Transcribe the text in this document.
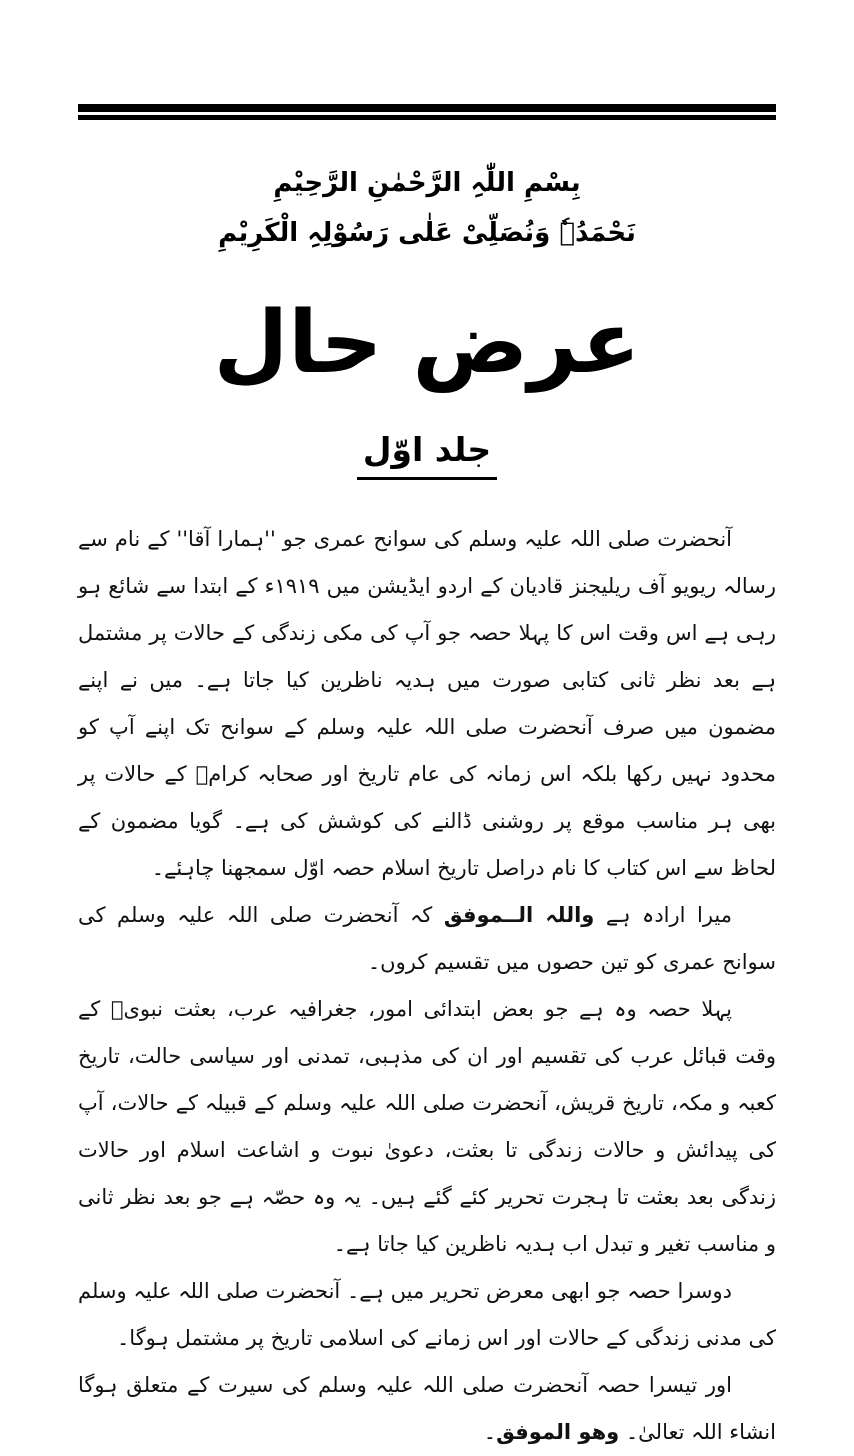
بِسْمِ اللّٰہِ الرَّحْمٰنِ الرَّحِیْمِ
نَحْمَدُہٗ وَنُصَلِّیْ عَلٰی رَسُوْلِہِ الْکَرِیْمِ
عرض حال
جلد اوّل

آنحضرت صلی اللہ علیہ وسلم کی سوانح عمری جو ''ہمارا آقا'' کے نام سے رسالہ ریویو آف ریلیجنز قادیان کے اردو ایڈیشن میں ۱۹۱۹ء کے ابتدا سے شائع ہو رہی ہے اس وقت اس کا پہلا حصہ جو آپ کی مکی زندگی کے حالات پر مشتمل ہے بعد نظر ثانی کتابی صورت میں ہدیہ ناظرین کیا جاتا ہے۔ میں نے اپنے مضمون میں صرف آنحضرت صلی اللہ علیہ وسلم کے سوانح تک اپنے آپ کو محدود نہیں رکھا بلکہ اس زمانہ کی عام تاریخ اور صحابہ کرامؓ کے حالات پر بھی ہر مناسب موقع پر روشنی ڈالنے کی کوشش کی ہے۔ گویا مضمون کے لحاظ سے اس کتاب کا نام دراصل تاریخ اسلام حصہ اوّل سمجھنا چاہئے۔

میرا ارادہ ہے واللہ الــموفق کہ آنحضرت صلی اللہ علیہ وسلم کی سوانح عمری کو تین حصوں میں تقسیم کروں۔

پہلا حصہ وہ ہے جو بعض ابتدائی امور، جغرافیہ عرب، بعثت نبویؐ کے وقت قبائل عرب کی تقسیم اور ان کی مذہبی، تمدنی اور سیاسی حالت، تاریخ کعبہ و مکہ، تاریخ قریش، آنحضرت صلی اللہ علیہ وسلم کے قبیلہ کے حالات، آپ کی پیدائش و حالات زندگی تا بعثت، دعویٰ نبوت و اشاعت اسلام اور حالات زندگی بعد بعثت تا ہجرت تحریر کئے گئے ہیں۔ یہ وہ حصّہ ہے جو بعد نظر ثانی و مناسب تغیر و تبدل اب ہدیہ ناظرین کیا جاتا ہے۔

دوسرا حصہ جو ابھی معرض تحریر میں ہے۔ آنحضرت صلی اللہ علیہ وسلم کی مدنی زندگی کے حالات اور اس زمانے کی اسلامی تاریخ پر مشتمل ہوگا۔

اور تیسرا حصہ آنحضرت صلی اللہ علیہ وسلم کی سیرت کے متعلق ہوگا انشاء اللہ تعالیٰ۔ وهو الموفق۔
